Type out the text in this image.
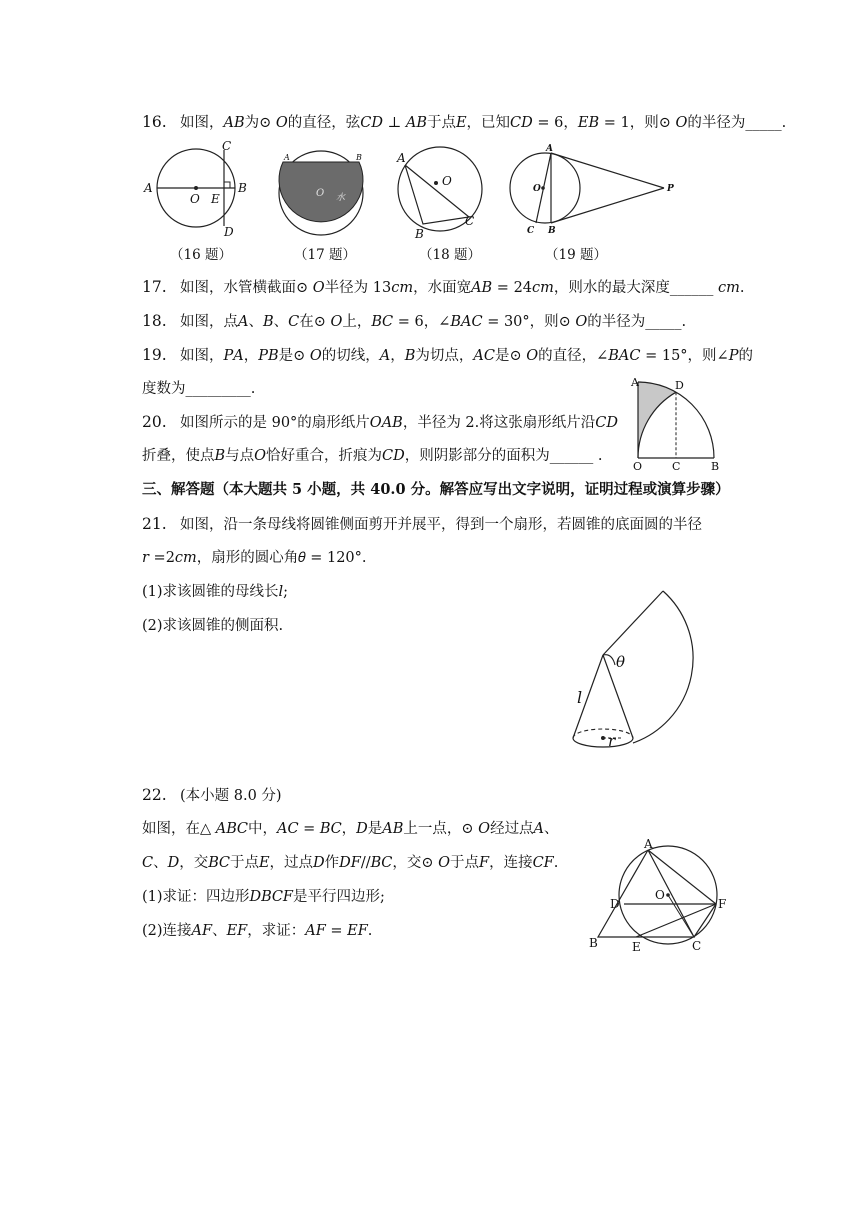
16. 如图，𝐴𝐵为⊙ 𝑂的直径，弦𝐶𝐷 ⊥ 𝐴𝐵于点𝐸，已知𝐶𝐷 = 6，𝐸𝐵 = 1，则⊙ 𝑂的半径为_____.
A	B
C
D
O E
A	B
O 水
A
B
C
O
A
B
C
O	P
（16 题）	（17 题）	（18 题）	（19 题）
17. 如图，水管横截面⊙ 𝑂半径为 13𝑐𝑚，水面宽𝐴𝐵 = 24𝑐𝑚，则水的最大深度______ 𝑐𝑚.
18. 如图，点𝐴、𝐵、𝐶在⊙ 𝑂上，𝐵𝐶 = 6，∠𝐵𝐴𝐶 = 30°，则⊙ 𝑂的半径为_____.
19. 如图，𝑃𝐴，𝑃𝐵是⊙ 𝑂的切线，𝐴，𝐵为切点，𝐴𝐶是⊙ 𝑂的直径，∠𝐵𝐴𝐶 = 15°，则∠𝑃的
度数为_________.
20. 如图所示的是 90°的扇形纸片𝑂𝐴𝐵，半径为 2.将这张扇形纸片沿𝐶𝐷
折叠，使点𝐵与点𝑂恰好重合，折痕为𝐶𝐷，则阴影部分的面积为______ .
A	D
O	C	B
三、解答题（本大题共 5 小题，共 40.0 分。解答应写出文字说明，证明过程或演算步骤）
21. 如图，沿一条母线将圆锥侧面剪开并展平，得到一个扇形，若圆锥的底面圆的半径
𝑟 =2𝑐𝑚，扇形的圆心角𝜃 = 120°.
(1)求该圆锥的母线长𝑙;
(2)求该圆锥的侧面积.
θ
l
r
22. (本小题 8.0 分)
如图，在△ 𝐴𝐵𝐶中，𝐴𝐶 = 𝐵𝐶，𝐷是𝐴𝐵上一点，⊙ 𝑂经过点𝐴、
𝐶、𝐷，交𝐵𝐶于点𝐸，过点𝐷作𝐷𝐹//𝐵𝐶，交⊙ 𝑂于点𝐹，连接𝐶𝐹.
(1)求证：四边形𝐷𝐵𝐶𝐹是平行四边形;
(2)连接𝐴𝐹、𝐸𝐹，求证：𝐴𝐹 = 𝐸𝐹.
A
D
O
F
B	E	C
